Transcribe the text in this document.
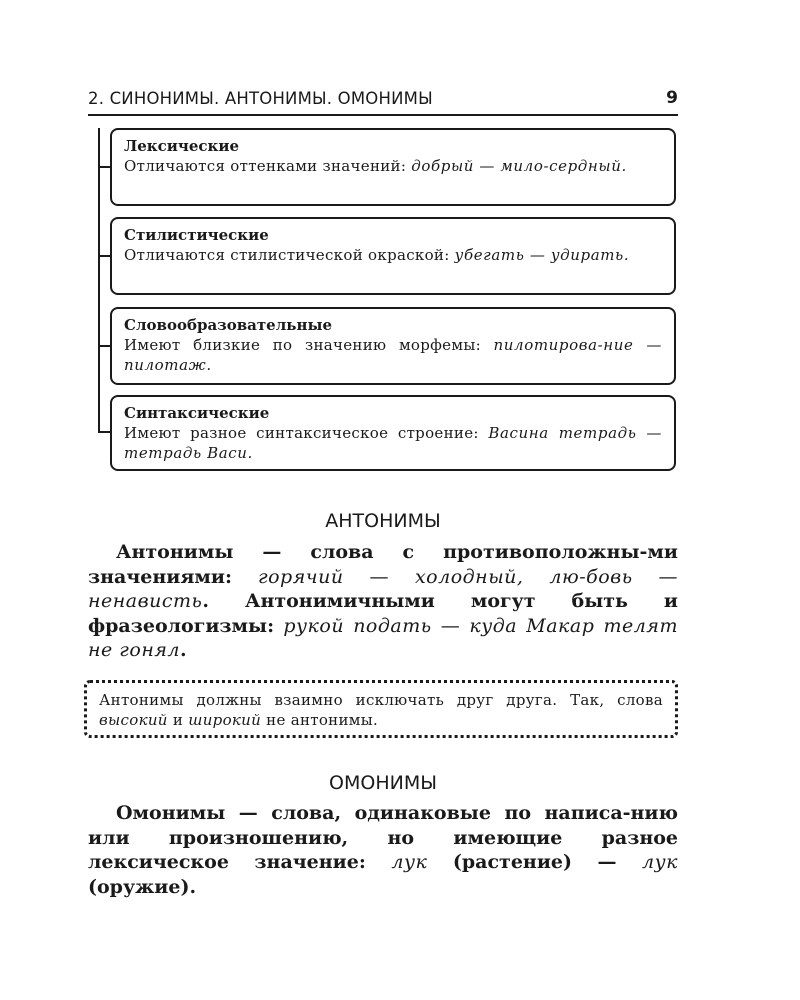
2. СИНОНИМЫ. АНТОНИМЫ. ОМОНИМЫ	9
Лексические
Отличаются оттенками значений: добрый — мило-сердный.
Стилистические
Отличаются стилистической окраской: убегать — удирать.
Словообразовательные
Имеют близкие по значению морфемы: пилотирова-ние — пилотаж.
Синтаксические
Имеют разное синтаксическое строение: Васина тетрадь — тетрадь Васи.
АНТОНИМЫ
Антонимы — слова с противоположны-ми значениями: горячий — холодный, лю-бовь — ненависть. Антонимичными могут быть и фразеологизмы: рукой подать — куда Макар телят не гонял.
Антонимы должны взаимно исключать друг друга. Так, слова высокий и широкий не антонимы.
ОМОНИМЫ
Омонимы — слова, одинаковые по написа-нию или произношению, но имеющие разное лексическое значение: лук (растение) — лук (оружие).
